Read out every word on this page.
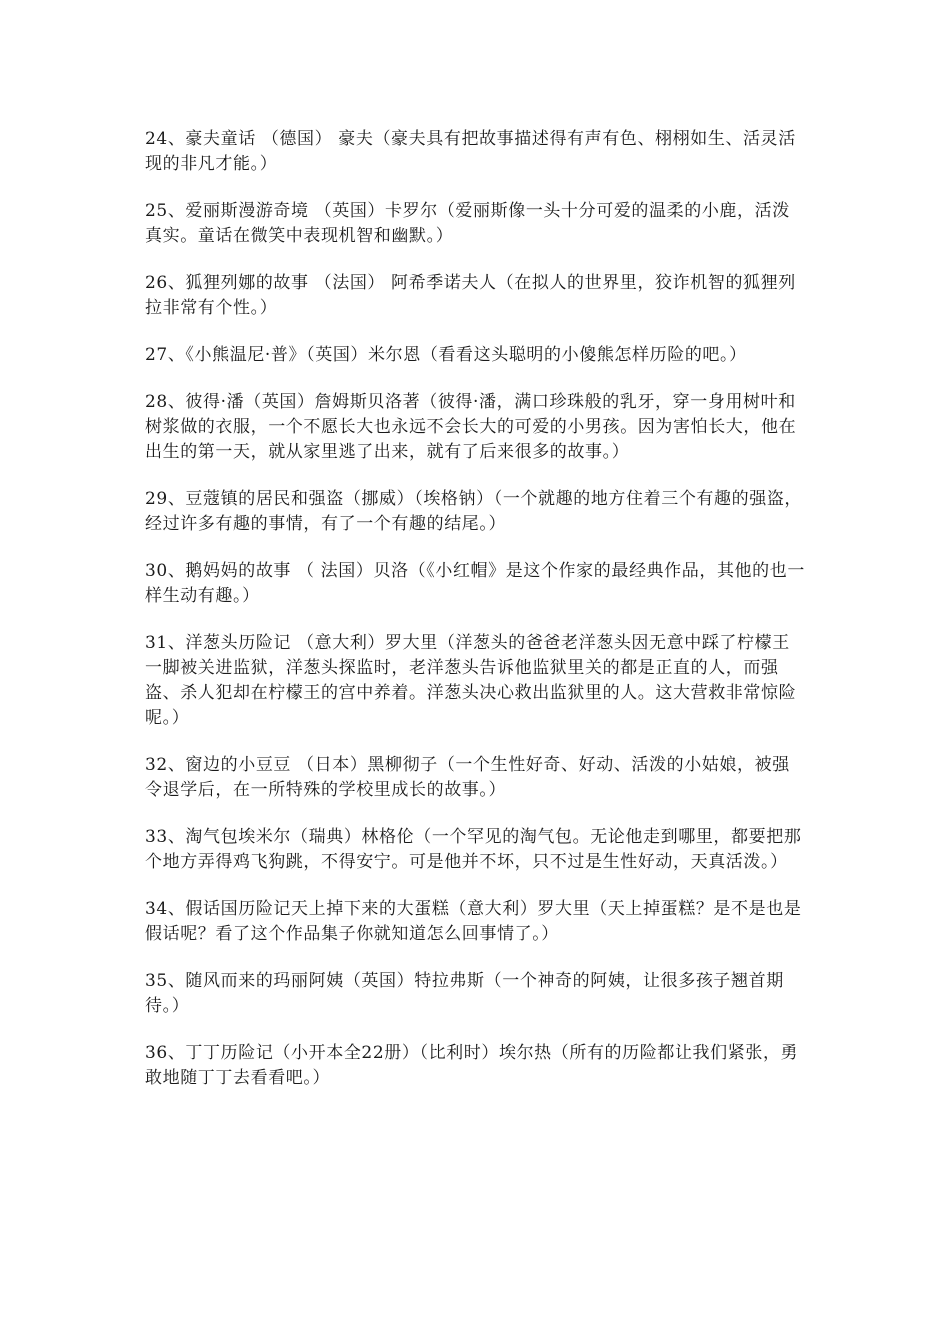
24、豪夫童话 （德国） 豪夫（豪夫具有把故事描述得有声有色、栩栩如生、活灵活现的非凡才能。）

25、爱丽斯漫游奇境 （英国）卡罗尔（爱丽斯像一头十分可爱的温柔的小鹿，活泼真实。童话在微笑中表现机智和幽默。）

26、狐狸列娜的故事 （法国） 阿希季诺夫人（在拟人的世界里，狡诈机智的狐狸列拉非常有个性。）

27、《小熊温尼·普》（英国）米尔恩（看看这头聪明的小傻熊怎样历险的吧。）

28、彼得·潘（英国）詹姆斯贝洛著（彼得·潘，满口珍珠般的乳牙，穿一身用树叶和树浆做的衣服，一个不愿长大也永远不会长大的可爱的小男孩。因为害怕长大，他在出生的第一天，就从家里逃了出来，就有了后来很多的故事。）

29、豆蔻镇的居民和强盗（挪威）（埃格钠）（一个就趣的地方住着三个有趣的强盗，经过许多有趣的事情，有了一个有趣的结尾。）

30、鹅妈妈的故事 （ 法国）贝洛（《小红帽》是这个作家的最经典作品，其他的也一样生动有趣。）

31、洋葱头历险记 （意大利）罗大里（洋葱头的爸爸老洋葱头因无意中踩了柠檬王一脚被关进监狱，洋葱头探监时，老洋葱头告诉他监狱里关的都是正直的人，而强盗、杀人犯却在柠檬王的宫中养着。洋葱头决心救出监狱里的人。这大营救非常惊险呢。）

32、窗边的小豆豆 （日本）黑柳彻子（一个生性好奇、好动、活泼的小姑娘，被强令退学后，在一所特殊的学校里成长的故事。）

33、淘气包埃米尔（瑞典）林格伦（一个罕见的淘气包。无论他走到哪里，都要把那个地方弄得鸡飞狗跳，不得安宁。可是他并不坏，只不过是生性好动，天真活泼。）

34、假话国历险记天上掉下来的大蛋糕（意大利）罗大里（天上掉蛋糕？是不是也是假话呢？看了这个作品集子你就知道怎么回事情了。）

35、随风而来的玛丽阿姨（英国）特拉弗斯（一个神奇的阿姨，让很多孩子翘首期待。）

36、丁丁历险记（小开本全22册）（比利时）埃尔热（所有的历险都让我们紧张，勇敢地随丁丁去看看吧。）
